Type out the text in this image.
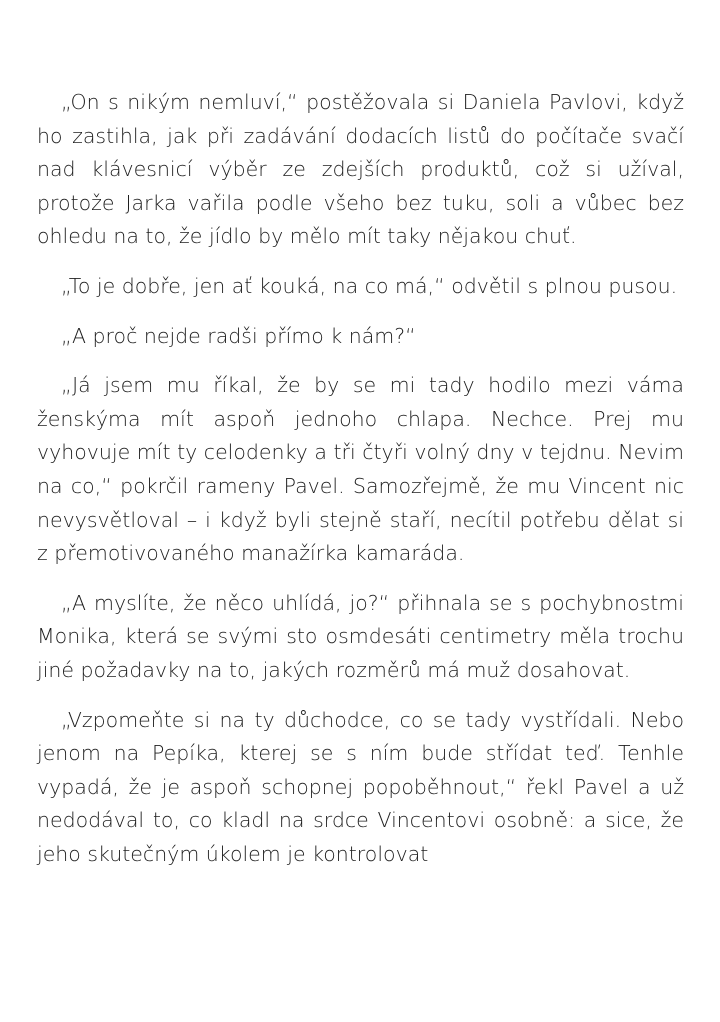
„On s nikým nemluví,“ postěžovala si Daniela Pavlovi, když ho zastihla, jak při zadávání dodacích listů do počítače svačí nad klávesnicí výběr ze zdejších produktů, což si užíval, protože Jarka vařila podle všeho bez tuku, soli a vůbec bez ohledu na to, že jídlo by mělo mít taky nějakou chuť.

„To je dobře, jen ať kouká, na co má,“ odvětil s plnou pusou.

„A proč nejde radši přímo k nám?“

„Já jsem mu říkal, že by se mi tady hodilo mezi váma ženskýma mít aspoň jednoho chlapa. Nechce. Prej mu vyhovuje mít ty celodenky a tři čtyři volný dny v tejdnu. Nevim na co,“ pokrčil rameny Pavel. Samozřejmě, že mu Vincent nic nevysvětloval – i když byli stejně staří, necítil potřebu dělat si z přemotivovaného manažírka kamaráda.

„A myslíte, že něco uhlídá, jo?“ přihnala se s pochybnostmi Monika, která se svými sto osmdesáti centimetry měla trochu jiné požadavky na to, jakých rozměrů má muž dosahovat.

„Vzpomeňte si na ty důchodce, co se tady vystřídali. Nebo jenom na Pepíka, kterej se s ním bude střídat teď. Tenhle vypadá, že je aspoň schopnej popoběhnout,“ řekl Pavel a už nedodával to, co kladl na srdce Vincentovi osobně: a sice, že jeho skutečným úkolem je kontrolovat
